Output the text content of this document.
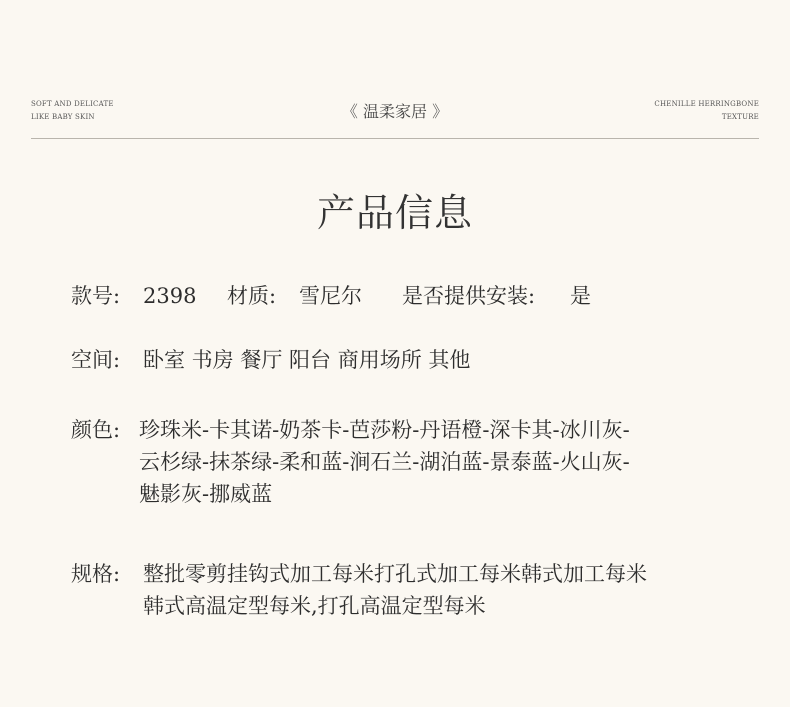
SOFT AND DELICATE
LIKE BABY SKIN	《 温柔家居 》	CHENILLE HERRINGBONE
TEXTURE
产品信息
款号: 2398 材质: 雪尼尔 是否提供安装: 是
空间: 卧室 书房 餐厅 阳台 商用场所 其他
颜色: 珍珠米-卡其诺-奶茶卡-芭莎粉-丹语橙-深卡其-冰川灰-
云杉绿-抹茶绿-柔和蓝-涧石兰-湖泊蓝-景泰蓝-火山灰-
魅影灰-挪威蓝
规格: 整批零剪挂钩式加工每米打孔式加工每米韩式加工每米
韩式高温定型每米,打孔高温定型每米
